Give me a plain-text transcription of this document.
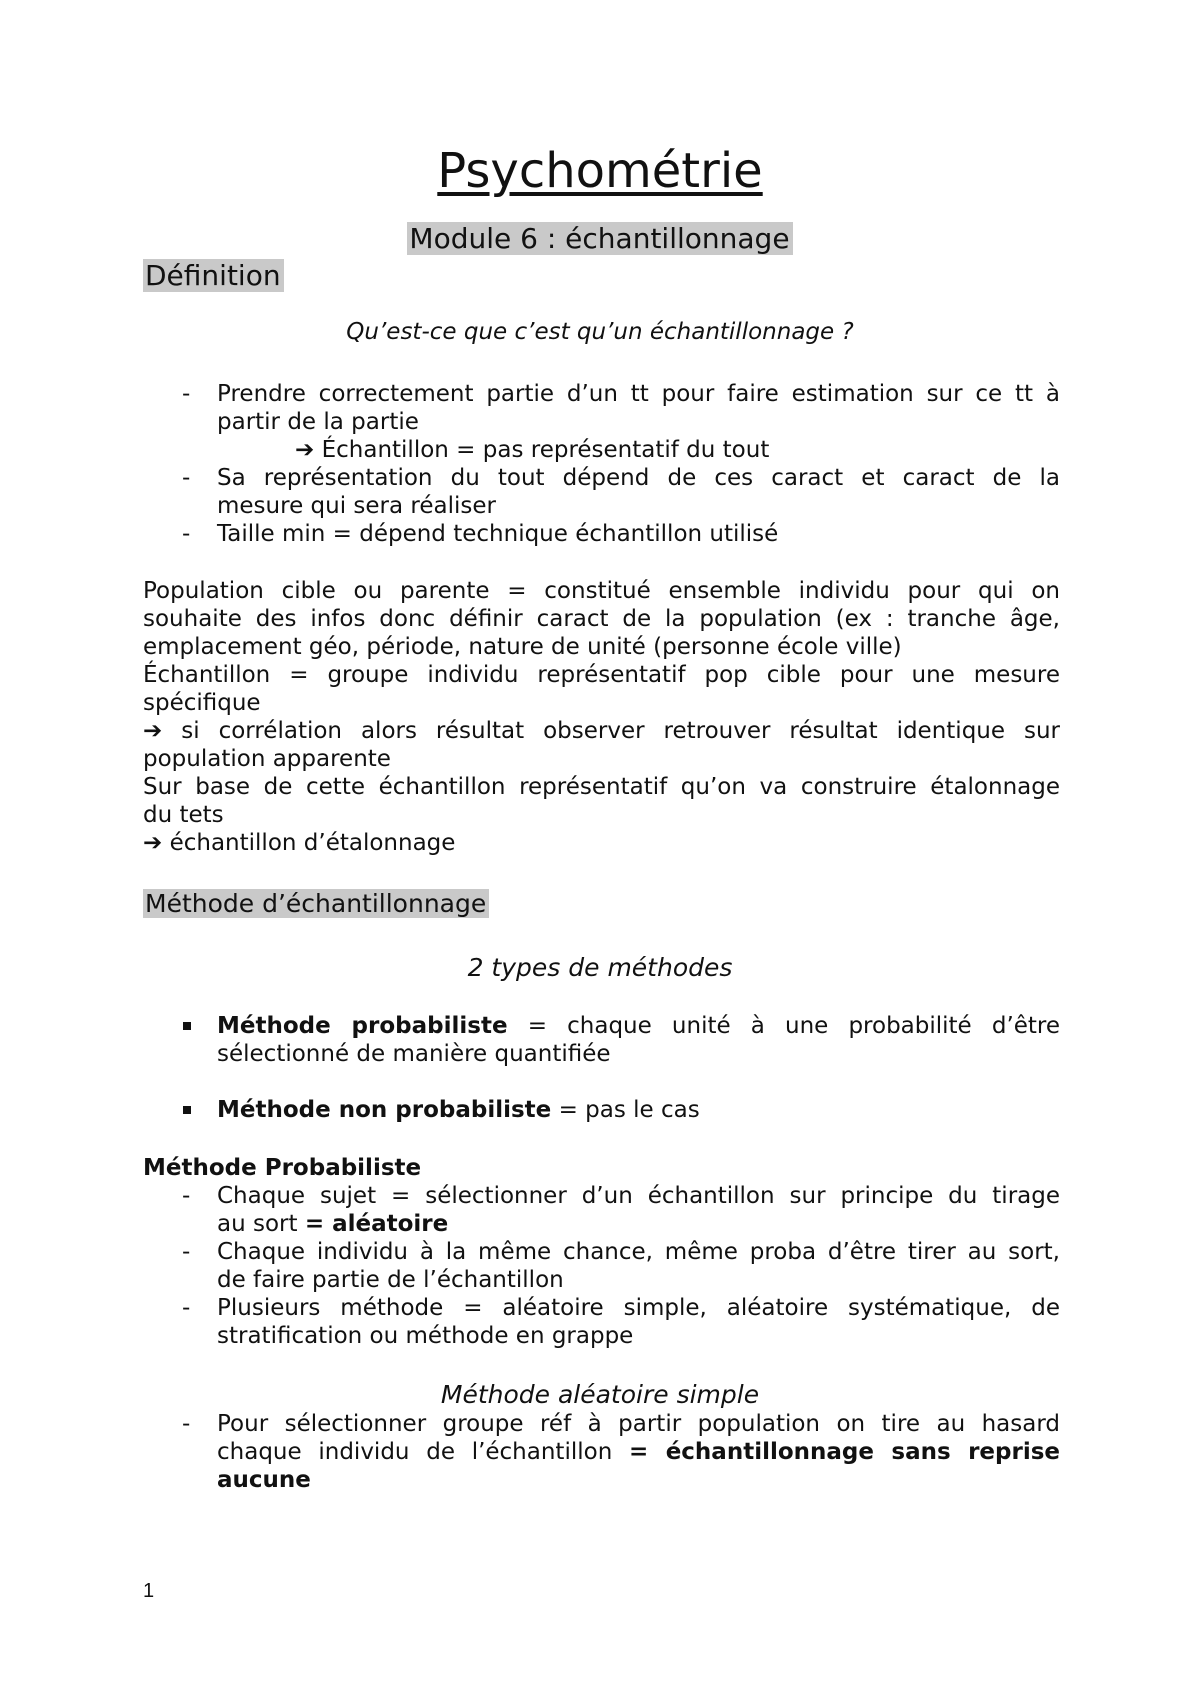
Psychométrie
Module 6 : échantillonnage
Définition
Qu’est-ce que c’est qu’un échantillonnage ?
- Prendre correctement partie d’un tt pour faire estimation sur ce tt à
partir de la partie
➔ Échantillon = pas représentatif du tout
- Sa représentation du tout dépend de ces caract et caract de la
mesure qui sera réaliser
- Taille min = dépend technique échantillon utilisé
Population cible ou parente = constitué ensemble individu pour qui on
souhaite des infos donc définir caract de la population (ex : tranche âge,
emplacement géo, période, nature de unité (personne école ville)
Échantillon = groupe individu représentatif pop cible pour une mesure
spécifique
➔ si corrélation alors résultat observer retrouver résultat identique sur
population apparente
Sur base de cette échantillon représentatif qu’on va construire étalonnage
du tets
➔ échantillon d’étalonnage
Méthode d’échantillonnage
2 types de méthodes
Méthode probabiliste = chaque unité à une probabilité d’être
sélectionné de manière quantifiée
Méthode non probabiliste = pas le cas
Méthode Probabiliste
- Chaque sujet = sélectionner d’un échantillon sur principe du tirage
au sort = aléatoire
- Chaque individu à la même chance, même proba d’être tirer au sort,
de faire partie de l’échantillon
- Plusieurs méthode = aléatoire simple, aléatoire systématique, de
stratification ou méthode en grappe
Méthode aléatoire simple
- Pour sélectionner groupe réf à partir population on tire au hasard
chaque individu de l’échantillon = échantillonnage sans reprise
aucune
1
